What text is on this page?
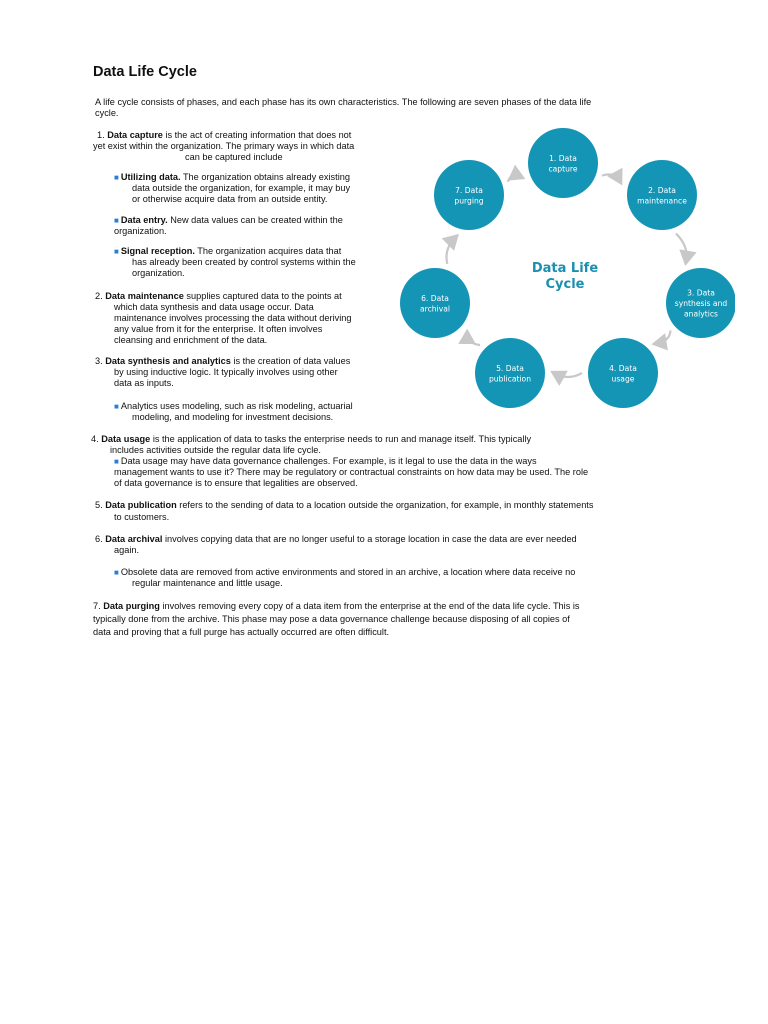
Data Life Cycle
A life cycle consists of phases, and each phase has its own characteristics. The following are seven phases of the data life
cycle.
1. Data capture is the act of creating information that does not
yet exist within the organization. The primary ways in which data
can be captured include
■ Utilizing data. The organization obtains already existing
data outside the organization, for example, it may buy
or otherwise acquire data from an outside entity.
■ Data entry. New data values can be created within the
organization.
■ Signal reception. The organization acquires data that
has already been created by control systems within the
organization.
2. Data maintenance supplies captured data to the points at
which data synthesis and data usage occur. Data
maintenance involves processing the data without deriving
any value from it for the enterprise. It often involves
cleansing and enrichment of the data.
3. Data synthesis and analytics is the creation of data values
by using inductive logic. It typically involves using other
data as inputs.
■ Analytics uses modeling, such as risk modeling, actuarial
modeling, and modeling for investment decisions.
4. Data usage is the application of data to tasks the enterprise needs to run and manage itself. This typically
includes activities outside the regular data life cycle.
■ Data usage may have data governance challenges. For example, is it legal to use the data in the ways
management wants to use it? There may be regulatory or contractual constraints on how data may be used. The role
of data governance is to ensure that legalities are observed.
5. Data publication refers to the sending of data to a location outside the organization, for example, in monthly statements
to customers.
6. Data archival involves copying data that are no longer useful to a storage location in case the data are ever needed
again.
■ Obsolete data are removed from active environments and stored in an archive, a location where data receive no
regular maintenance and little usage.
7. Data purging involves removing every copy of a data item from the enterprise at the end of the data life cycle. This is
typically done from the archive. This phase may pose a data governance challenge because disposing of all copies of
data and proving that a full purge has actually occurred are often difficult.
1. Data
capture
2. Data
maintenance
3. Data
synthesis and
analytics
4. Data
usage
5. Data
publication
6. Data
archival
7. Data
purging
Data Life
Cycle
